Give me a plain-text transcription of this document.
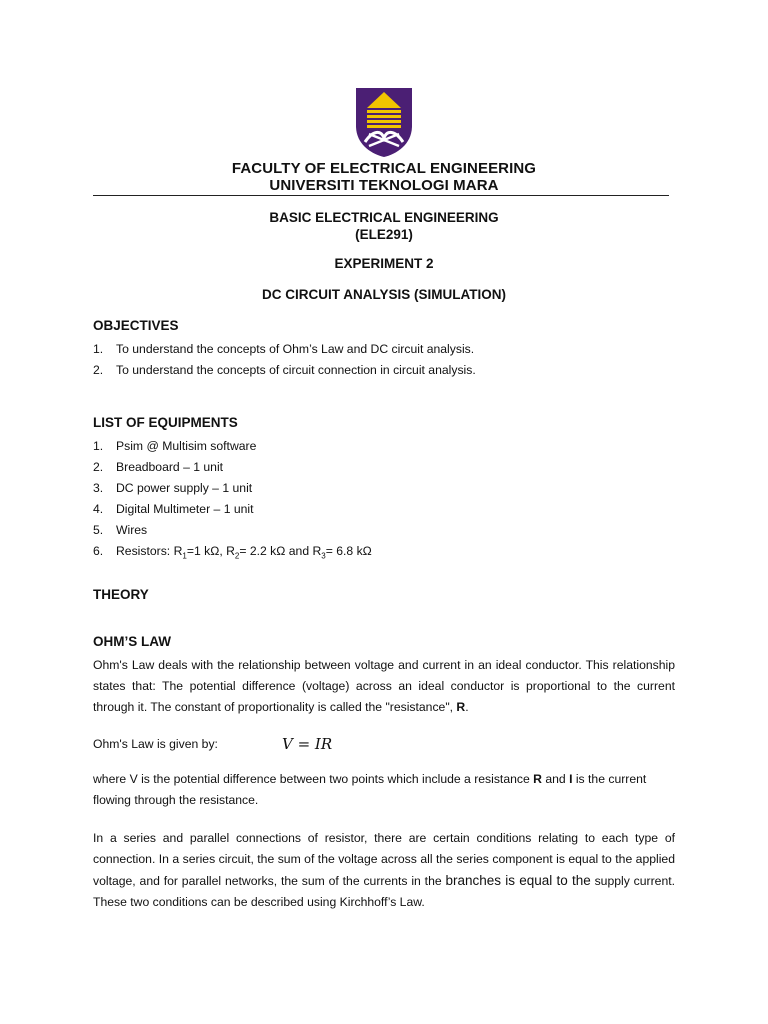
FACULTY OF ELECTRICAL ENGINEERING
UNIVERSITI TEKNOLOGI MARA
BASIC ELECTRICAL ENGINEERING
(ELE291)
EXPERIMENT 2
DC CIRCUIT ANALYSIS (SIMULATION)
OBJECTIVES
1.	To understand the concepts of Ohm’s Law and DC circuit analysis.
2.	To understand the concepts of circuit connection in circuit analysis.
LIST OF EQUIPMENTS
1.	Psim @ Multisim software
2.	Breadboard – 1 unit
3.	DC power supply – 1 unit
4.	Digital Multimeter – 1 unit
5.	Wires
6.	Resistors: $R_1=1$ kΩ, $R_2= 2.2$ kΩ and $R_3= 6.8$ kΩ
THEORY
OHM’S LAW

Ohm's Law deals with the relationship between voltage and current in an ideal conductor. This relationship states that: The potential difference (voltage) across an ideal conductor is proportional to the current through it. The constant of proportionality is called the "resistance", R.

Ohm's Law is given by:	V = IR

where V is the potential difference between two points which include a resistance R and I is the current flowing through the resistance.

In a series and parallel connections of resistor, there are certain conditions relating to each type of connection. In a series circuit, the sum of the voltage across all the series component is equal to the applied voltage, and for parallel networks, the sum of the currents in the branches is equal to the supply current. These two conditions can be described using Kirchhoff’s Law.
